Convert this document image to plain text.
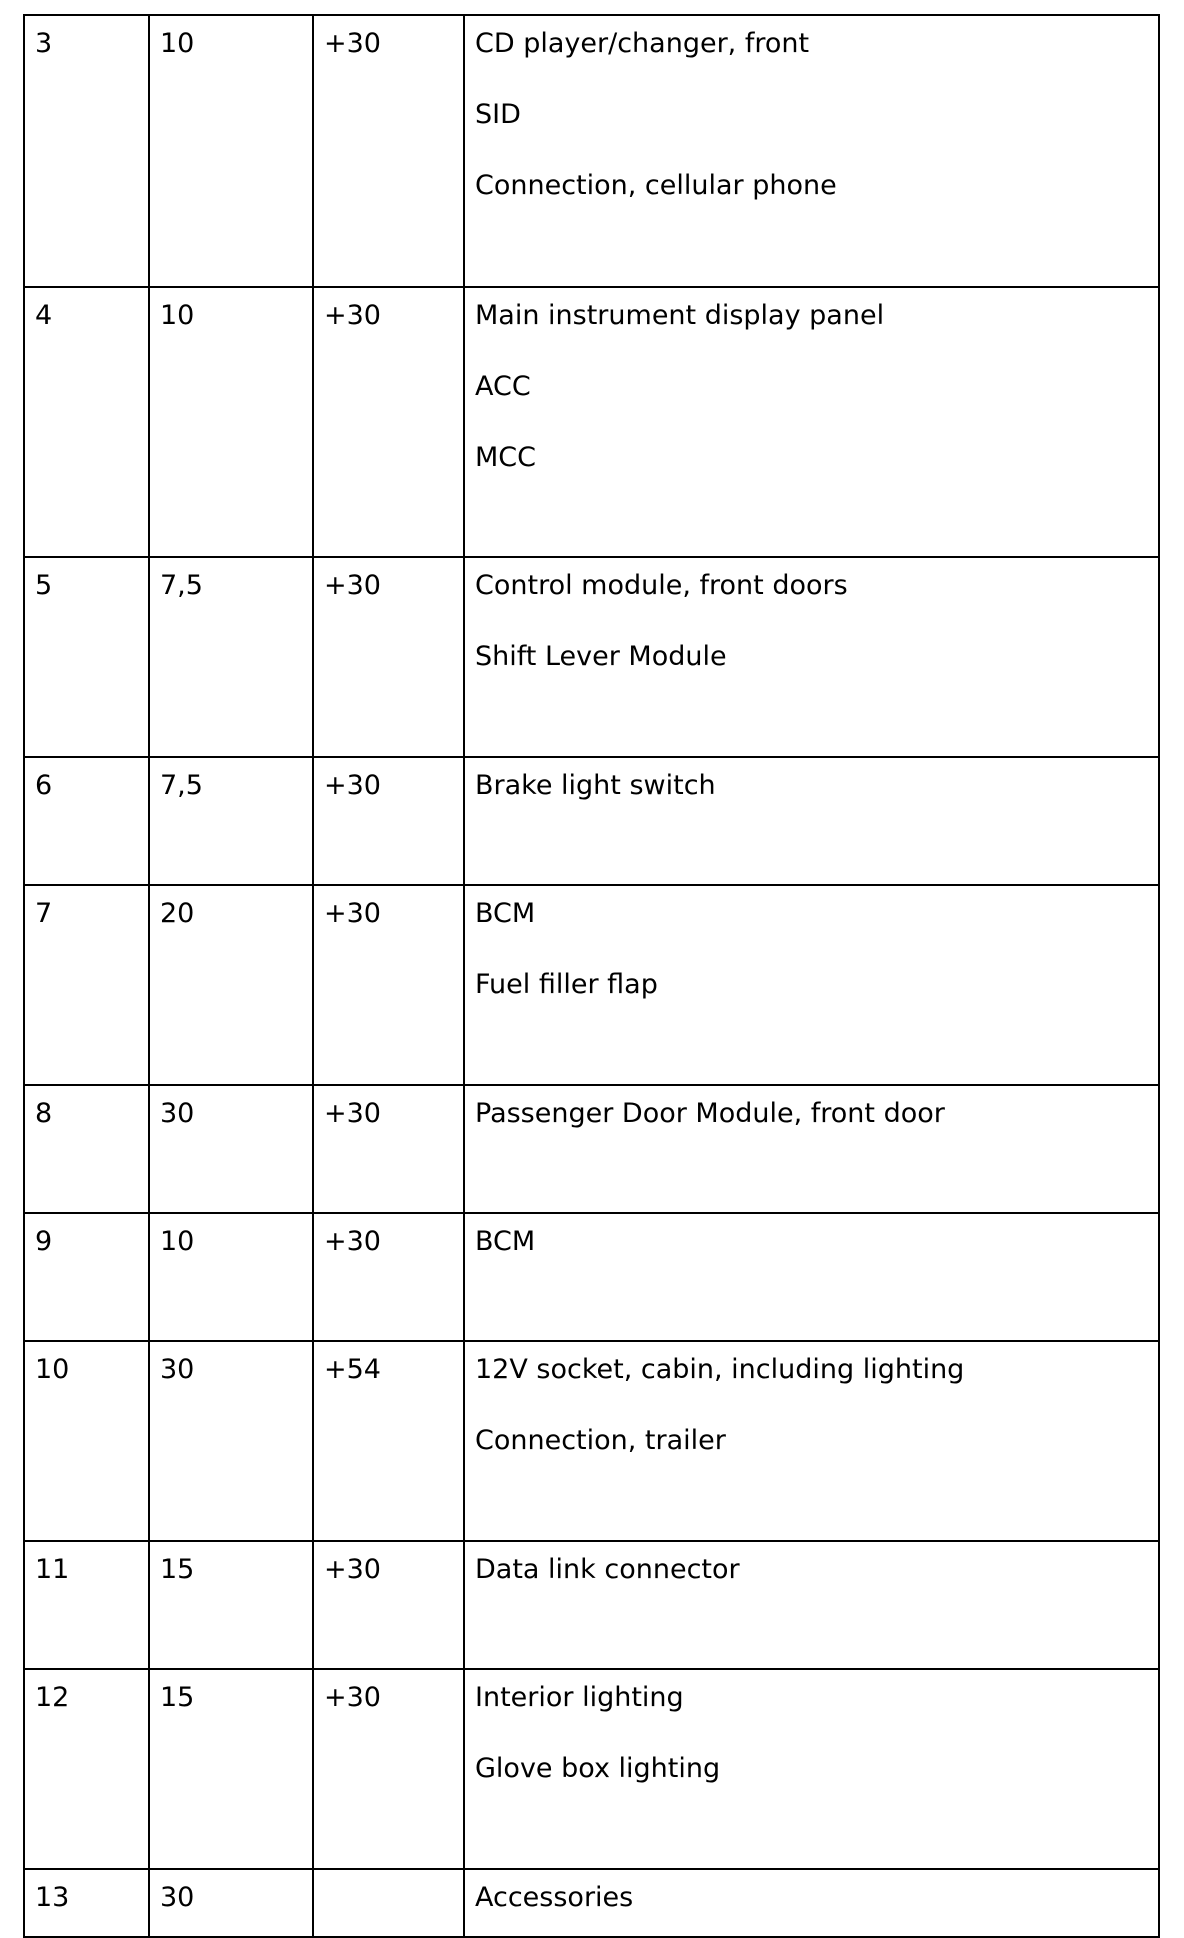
3	10	+30	CD player/changer, front
SID
Connection, cellular phone

4	10	+30	Main instrument display panel
ACC
MCC

5	7,5	+30	Control module, front doors
Shift Lever Module

6	7,5	+30	Brake light switch

7	20	+30	BCM
Fuel filler flap

8	30	+30	Passenger Door Module, front door

9	10	+30	BCM

10	30	+54	12V socket, cabin, including lighting
Connection, trailer

11	15	+30	Data link connector

12	15	+30	Interior lighting
Glove box lighting

13	30		Accessories
